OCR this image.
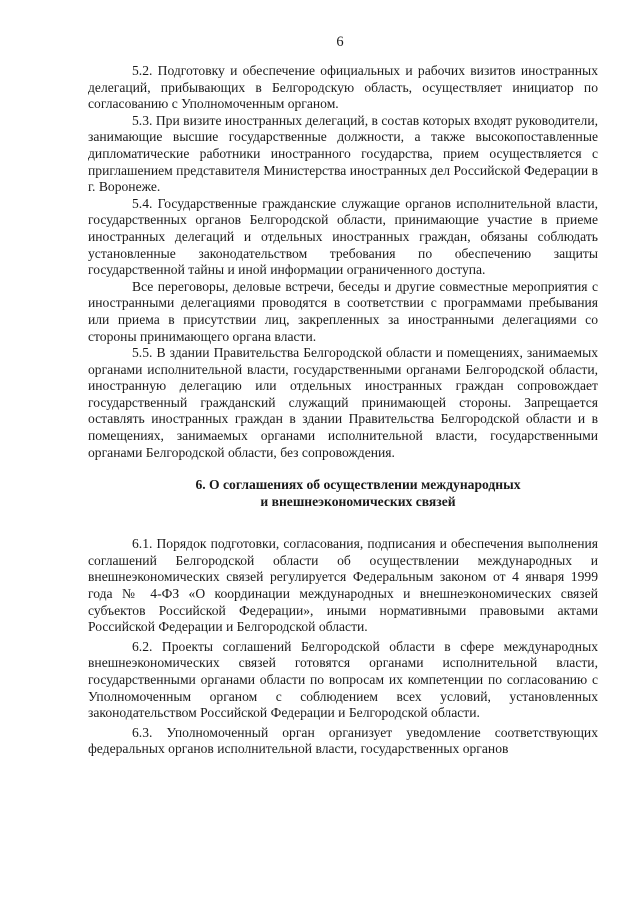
6

5.2. Подготовку и обеспечение официальных и рабочих визитов иностранных делегаций, прибывающих в Белгородскую область, осуществляет инициатор по согласованию с Уполномоченным органом.

5.3. При визите иностранных делегаций, в состав которых входят руководители, занимающие высшие государственные должности, а также высокопоставленные дипломатические работники иностранного государства, прием осуществляется с приглашением представителя Министерства иностранных дел Российской Федерации в г. Воронеже.

5.4. Государственные гражданские служащие органов исполнительной власти, государственных органов Белгородской области, принимающие участие в приеме иностранных делегаций и отдельных иностранных граждан, обязаны соблюдать установленные законодательством требования по обеспечению защиты государственной тайны и иной информации ограниченного доступа.

Все переговоры, деловые встречи, беседы и другие совместные мероприятия с иностранными делегациями проводятся в соответствии с программами пребывания или приема в присутствии лиц, закрепленных за иностранными делегациями со стороны принимающего органа власти.

5.5. В здании Правительства Белгородской области и помещениях, занимаемых органами исполнительной власти, государственными органами Белгородской области, иностранную делегацию или отдельных иностранных граждан сопровождает государственный гражданский служащий принимающей стороны. Запрещается оставлять иностранных граждан в здании Правительства Белгородской области и в помещениях, занимаемых органами исполнительной власти, государственными органами Белгородской области, без сопровождения.

6. О соглашениях об осуществлении международных
и внешнеэкономических связей

6.1. Порядок подготовки, согласования, подписания и обеспечения выполнения соглашений Белгородской области об осуществлении международных и внешнеэкономических связей регулируется Федеральным законом от 4 января 1999 года № 4-ФЗ «О координации международных и внешнеэкономических связей субъектов Российской Федерации», иными нормативными правовыми актами Российской Федерации и Белгородской области.

6.2. Проекты соглашений Белгородской области в сфере международных внешнеэкономических связей готовятся органами исполнительной власти, государственными органами области по вопросам их компетенции по согласованию с Уполномоченным органом с соблюдением всех условий, установленных законодательством Российской Федерации и Белгородской области.

6.3. Уполномоченный орган организует уведомление соответствующих федеральных органов исполнительной власти, государственных органов
